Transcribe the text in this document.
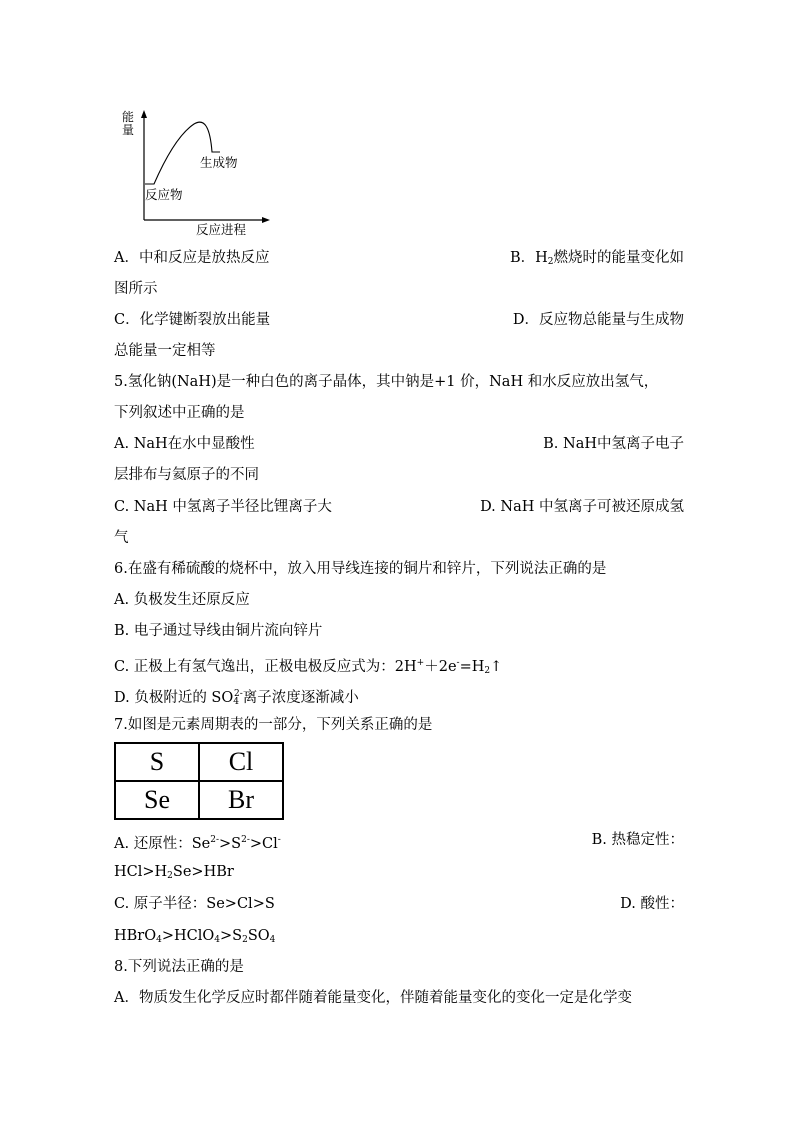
能
量
反应物
生成物
反应进程
A．中和反应是放热反应	B．$H_2$燃烧时的能量变化如
图所示
C．化学键断裂放出能量	D．反应物总能量与生成物
总能量一定相等
5.氢化钠(NaH)是一种白色的离子晶体，其中钠是+1 价，NaH 和水反应放出氢气，
下列叙述中正确的是
A. NaH在水中显酸性	B. NaH中氢离子电子
层排布与氦原子的不同
C. NaH 中氢离子半径比锂离子大	D. NaH 中氢离子可被还原成氢
气
6.在盛有稀硫酸的烧杯中，放入用导线连接的铜片和锌片，下列说法正确的是
A. 负极发生还原反应
B. 电子通过导线由铜片流向锌片
C. 正极上有氢气逸出，正极电极反应式为：$2H^++2e^-=H_2↑$
D. 负极附近的 $SO_4^{2-}$离子浓度逐渐减小
7.如图是元素周期表的一部分，下列关系正确的是
S	Cl
Se	Br
A. 还原性：$Se^{2-}>S^{2-}>Cl^-$	B. 热稳定性：
$HCl>H_2Se>HBr$
C. 原子半径：Se>Cl>S	D. 酸性：
$HBrO_4>HClO_4>S_2SO_4$
8.下列说法正确的是
A．物质发生化学反应时都伴随着能量变化，伴随着能量变化的变化一定是化学变
